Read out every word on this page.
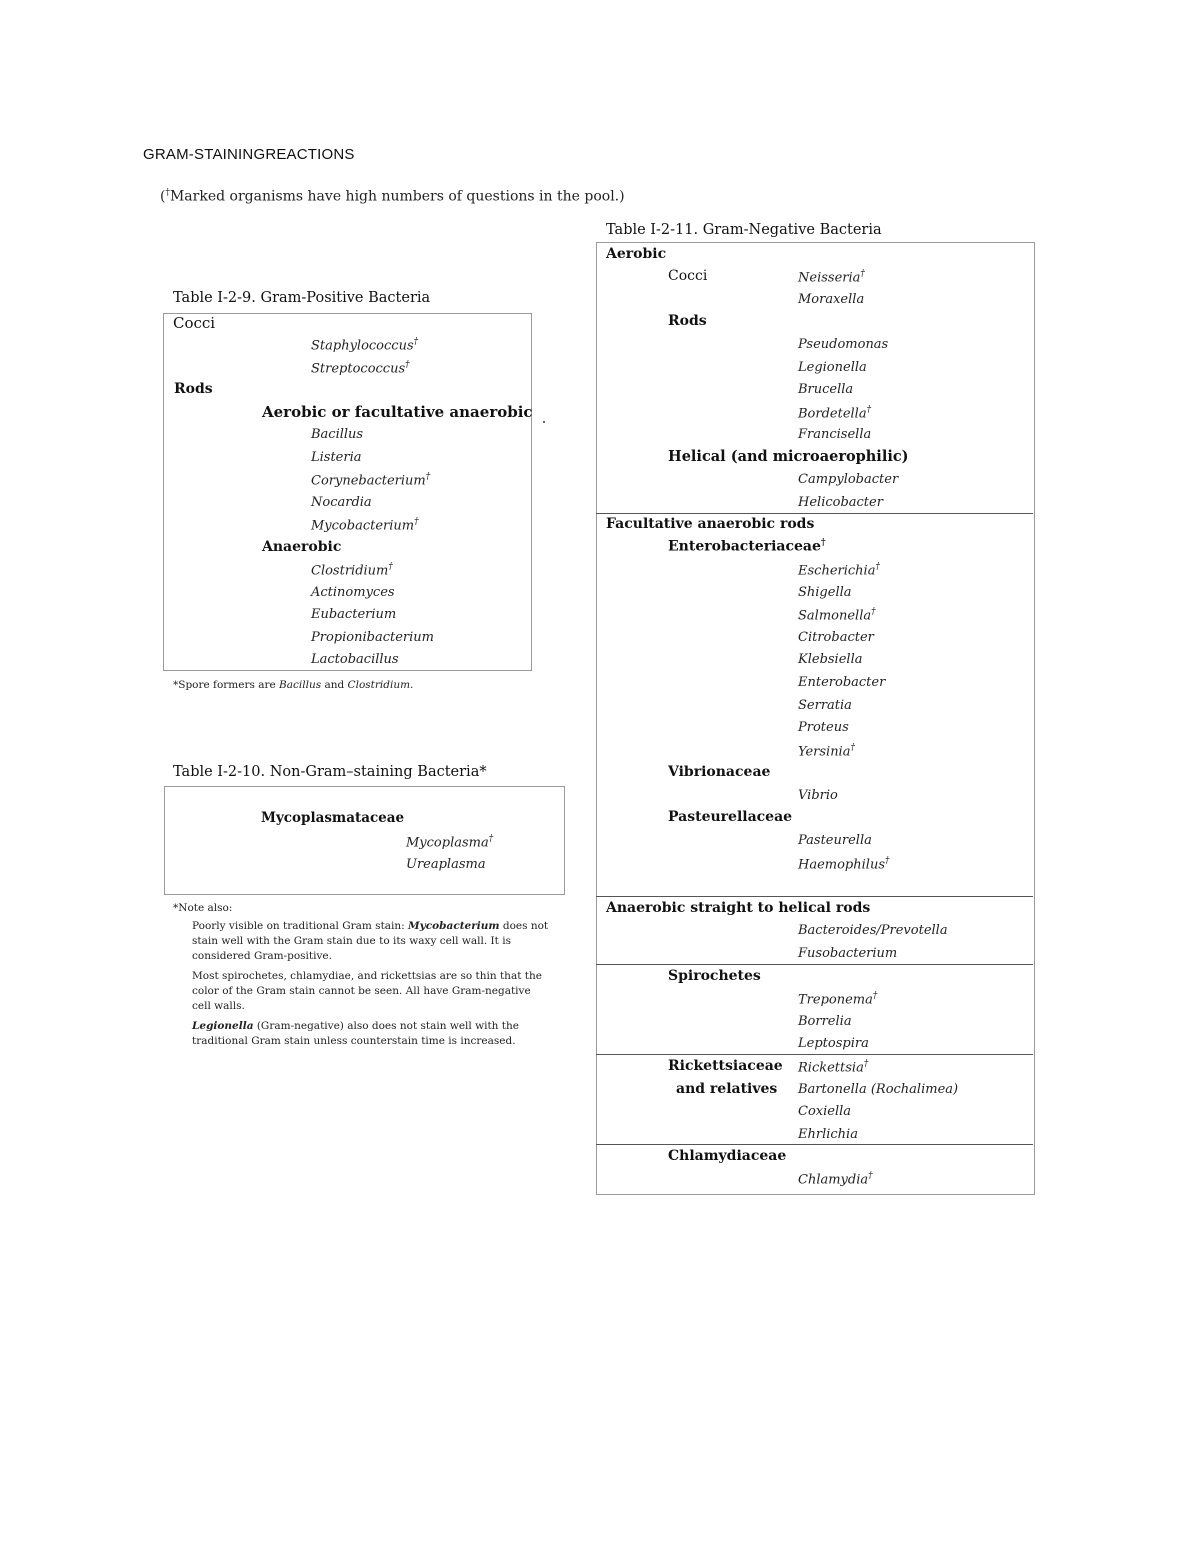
GRAM-STAININGREACTIONS
(†Marked organisms have high numbers of questions in the pool.)
Table I-2-9. Gram-Positive Bacteria
Cocci
Staphylococcus†
Streptococcus†
Rods
Aerobic or facultative anaerobic
Bacillus
Listeria
Corynebacterium†
Nocardia
Mycobacterium†
Anaerobic
Clostridium†
Actinomyces
Eubacterium
Propionibacterium
Lactobacillus
*Spore formers are Bacillus and Clostridium.
Table I-2-10. Non-Gram–staining Bacteria*
Mycoplasmataceae
Mycoplasma†
Ureaplasma
*Note also:
Poorly visible on traditional Gram stain: Mycobacterium does not stain well with the Gram stain due to its waxy cell wall. It is considered Gram-positive.
Most spirochetes, chlamydiae, and rickettsias are so thin that the color of the Gram stain cannot be seen. All have Gram-negative cell walls.
Legionella (Gram-negative) also does not stain well with the traditional Gram stain unless counterstain time is increased.
Table I-2-11. Gram-Negative Bacteria
Aerobic
Cocci	Neisseria†
Moraxella
Rods
Pseudomonas
Legionella
Brucella
Bordetella†
Francisella
Helical (and microaerophilic)
Campylobacter
Helicobacter
Facultative anaerobic rods
Enterobacteriaceae†
Escherichia†
Shigella
Salmonella†
Citrobacter
Klebsiella
Enterobacter
Serratia
Proteus
Yersinia†
Vibrionaceae
Vibrio
Pasteurellaceae
Pasteurella
Haemophilus†
Anaerobic straight to helical rods
Bacteroides/Prevotella
Fusobacterium
Spirochetes
Treponema†
Borrelia
Leptospira
Rickettsiaceae
and relatives
Rickettsia†
Bartonella (Rochalimea)
Coxiella
Ehrlichia
Chlamydiaceae
Chlamydia†
